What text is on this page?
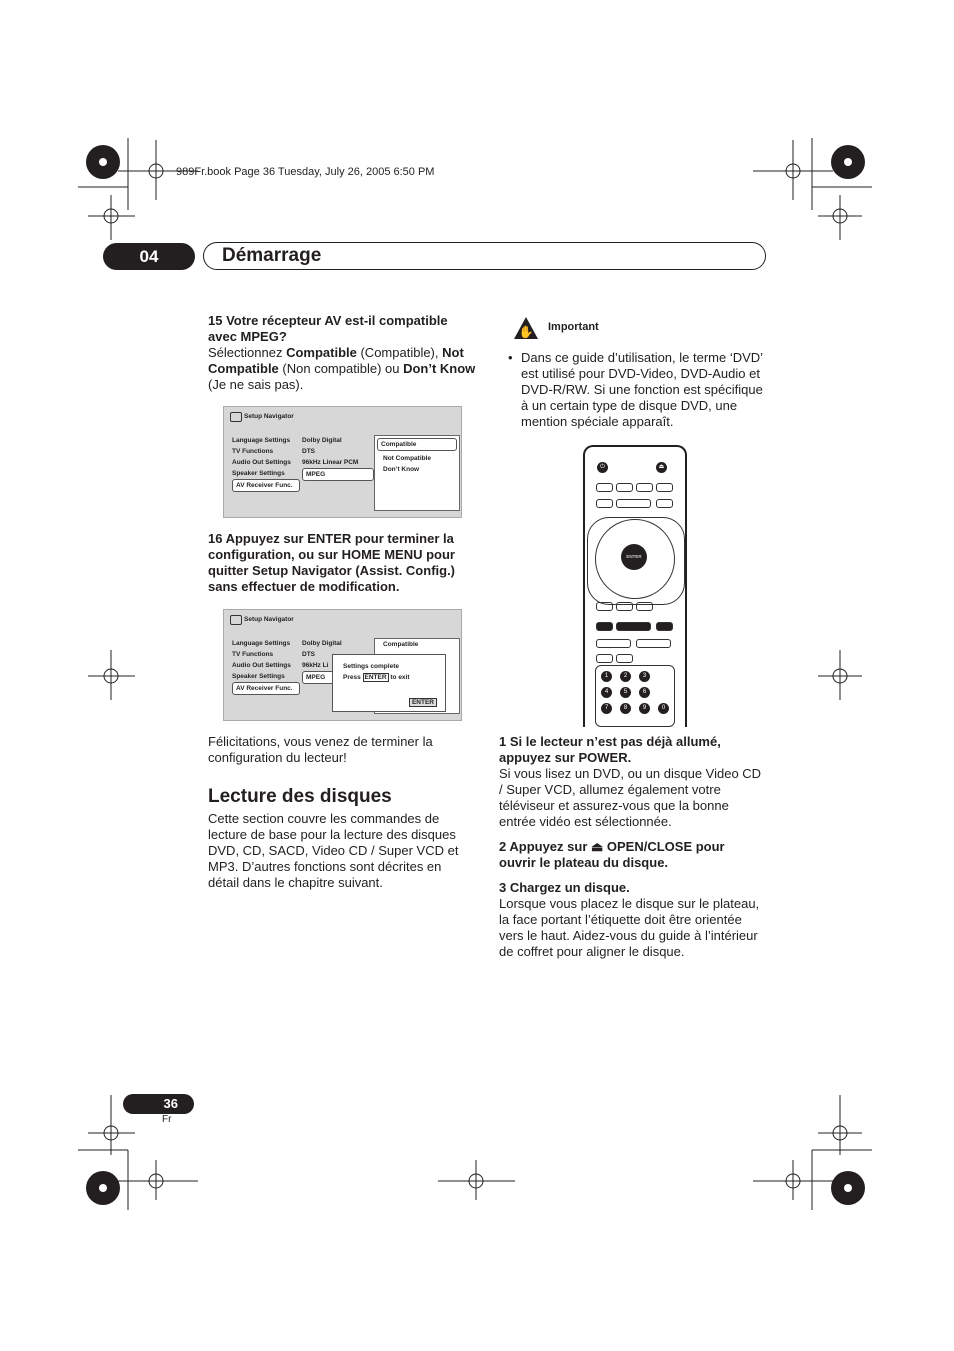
989Fr.book Page 36 Tuesday, July 26, 2005 6:50 PM
04	Démarrage
15 Votre récepteur AV est-il compatible avec MPEG?
Sélectionnez Compatible (Compatible), Not Compatible (Non compatible) ou Don’t Know (Je ne sais pas).
Setup Navigator
Language Settings
TV Functions
Audio Out Settings
Speaker Settings
AV Receiver Func.
Dolby Digital
DTS
96kHz Linear PCM
MPEG
Compatible
Not Compatible
Don’t Know
16 Appuyez sur ENTER pour terminer la configuration, ou sur HOME MENU pour quitter Setup Navigator (Assist. Config.) sans effectuer de modification.
Setup Navigator
Language Settings
TV Functions
Audio Out Settings
Speaker Settings
AV Receiver Func.
Dolby Digital
DTS
96kHz Li
MPEG
Compatible
Settings complete
Press ENTER to exit
ENTER
Félicitations, vous venez de terminer la configuration du lecteur!
Lecture des disques
Cette section couvre les commandes de lecture de base pour la lecture des disques DVD, CD, SACD, Video CD / Super VCD et MP3. D’autres fonctions sont décrites en détail dans le chapitre suivant.
✋ Important
• Dans ce guide d’utilisation, le terme ‘DVD’ est utilisé pour DVD-Video, DVD-Audio et DVD-R/RW. Si une fonction est spécifique à un certain type de disque DVD, une mention spéciale apparaît.
⏻	⏏
ENTER
1	2	3
4	5	6
7	8	9	0
1 Si le lecteur n’est pas déjà allumé, appuyez sur POWER.
Si vous lisez un DVD, ou un disque Video CD / Super VCD, allumez également votre téléviseur et assurez-vous que la bonne entrée vidéo est sélectionnée.
2 Appuyez sur ⏏ OPEN/CLOSE pour ouvrir le plateau du disque.
3 Chargez un disque.
Lorsque vous placez le disque sur le plateau, la face portant l’étiquette doit être orientée vers le haut. Aidez-vous du guide à l’intérieur de coffret pour aligner le disque.
36
Fr
